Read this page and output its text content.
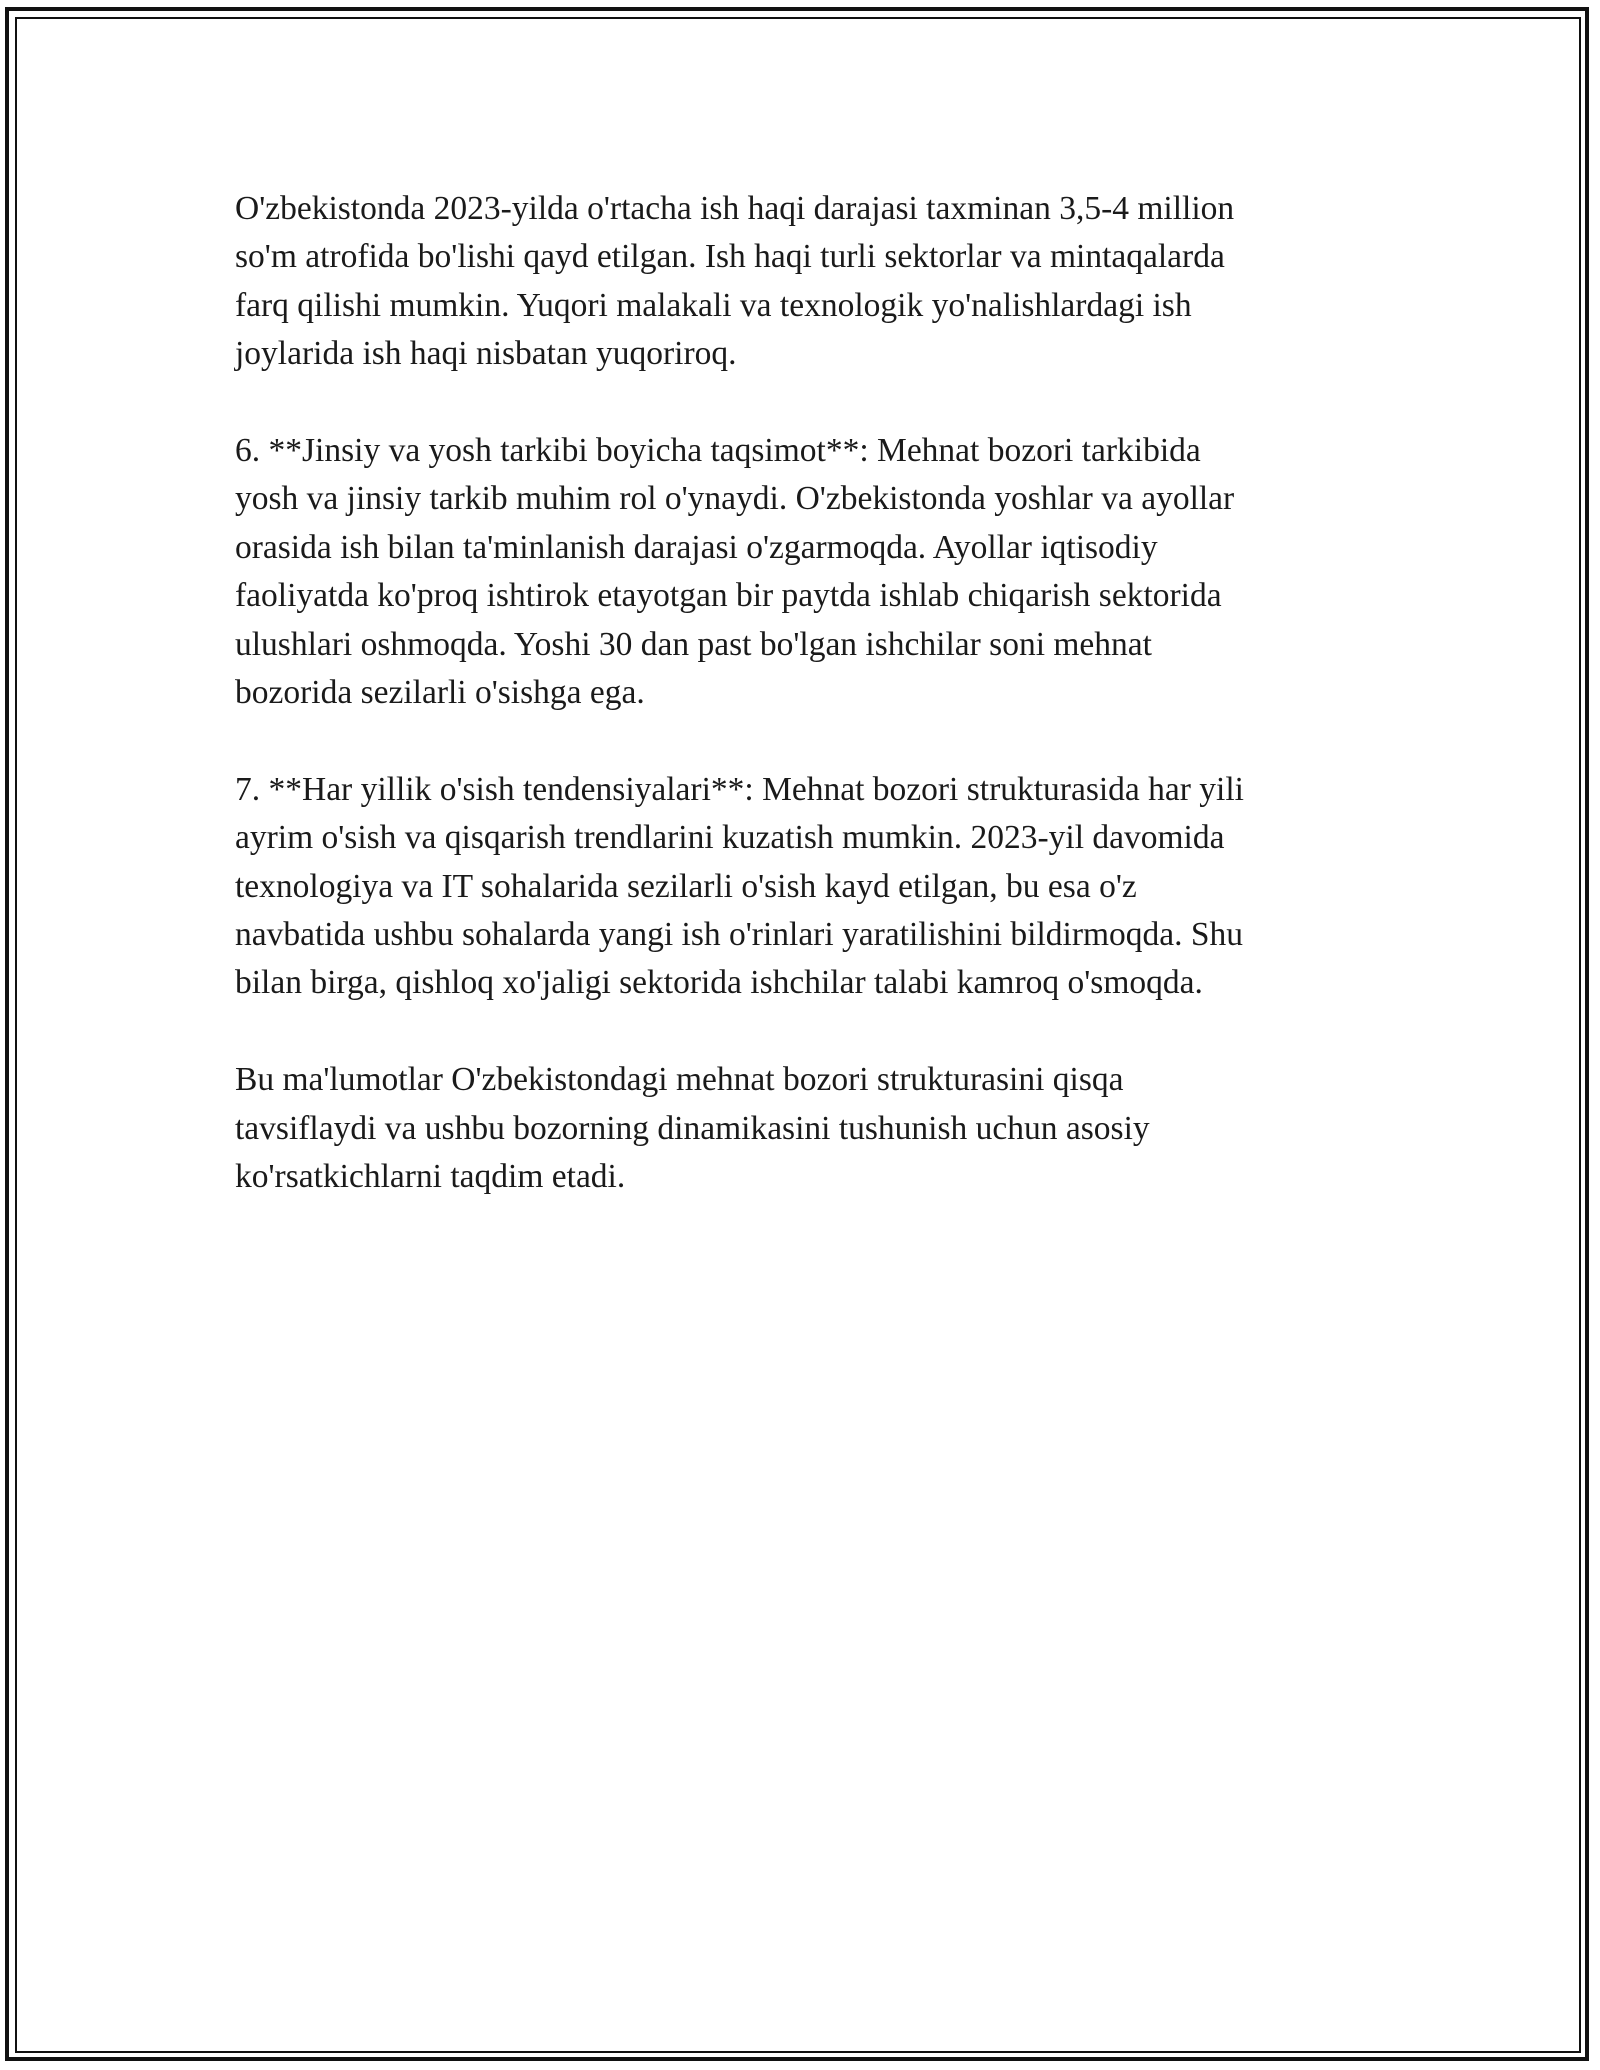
O'zbekistonda 2023-yilda o'rtacha ish haqi darajasi taxminan 3,5-4 million
so'm atrofida bo'lishi qayd etilgan. Ish haqi turli sektorlar va mintaqalarda
farq qilishi mumkin. Yuqori malakali va texnologik yo'nalishlardagi ish
joylarida ish haqi nisbatan yuqoriroq.

6. **Jinsiy va yosh tarkibi boyicha taqsimot**: Mehnat bozori tarkibida
yosh va jinsiy tarkib muhim rol o'ynaydi. O'zbekistonda yoshlar va ayollar
orasida ish bilan ta'minlanish darajasi o'zgarmoqda. Ayollar iqtisodiy
faoliyatda ko'proq ishtirok etayotgan bir paytda ishlab chiqarish sektorida
ulushlari oshmoqda. Yoshi 30 dan past bo'lgan ishchilar soni mehnat
bozorida sezilarli o'sishga ega.

7. **Har yillik o'sish tendensiyalari**: Mehnat bozori strukturasida har yili
ayrim o'sish va qisqarish trendlarini kuzatish mumkin. 2023-yil davomida
texnologiya va IT sohalarida sezilarli o'sish kayd etilgan, bu esa o'z
navbatida ushbu sohalarda yangi ish o'rinlari yaratilishini bildirmoqda. Shu
bilan birga, qishloq xo'jaligi sektorida ishchilar talabi kamroq o'smoqda.

Bu ma'lumotlar O'zbekistondagi mehnat bozori strukturasini qisqa
tavsiflaydi va ushbu bozorning dinamikasini tushunish uchun asosiy
ko'rsatkichlarni taqdim etadi.
